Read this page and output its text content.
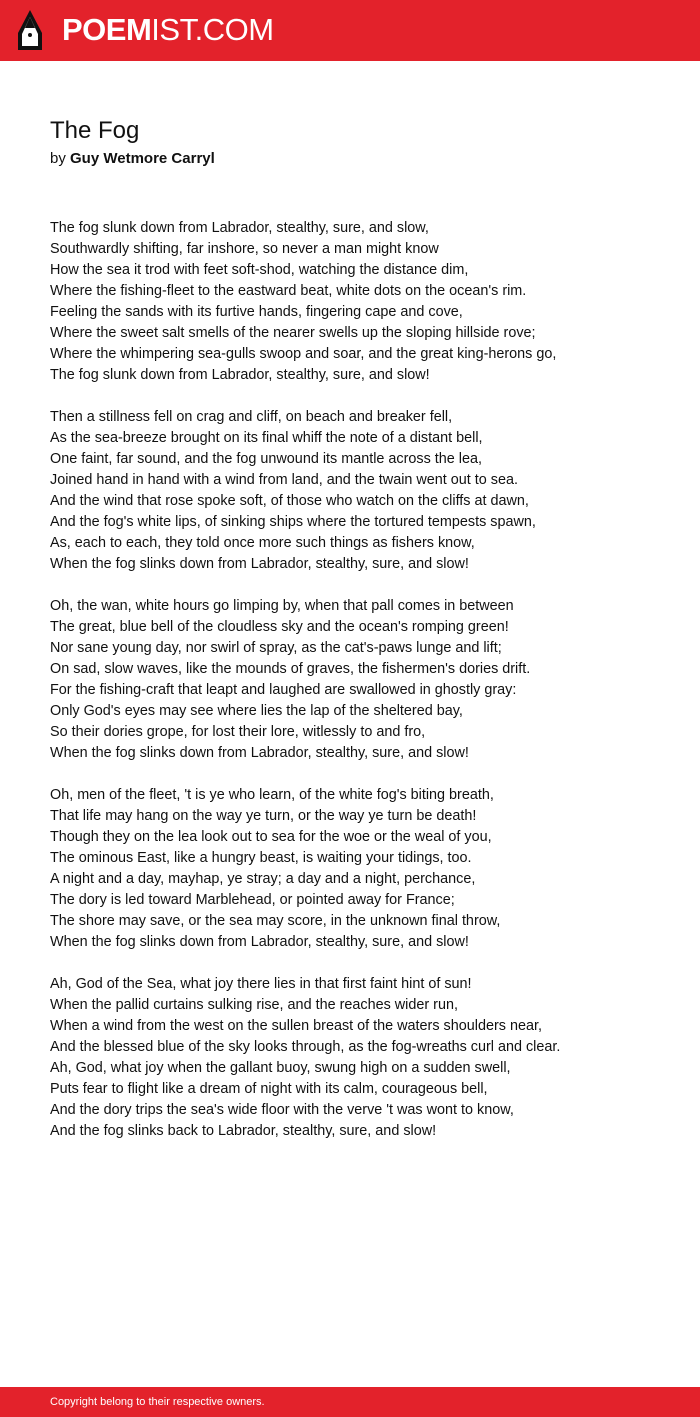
POEMIST.COM
The Fog
by Guy Wetmore Carryl

The fog slunk down from Labrador, stealthy, sure, and slow,
Southwardly shifting, far inshore, so never a man might know
How the sea it trod with feet soft-shod, watching the distance dim,
Where the fishing-fleet to the eastward beat, white dots on the ocean's rim.
Feeling the sands with its furtive hands, fingering cape and cove,
Where the sweet salt smells of the nearer swells up the sloping hillside rove;
Where the whimpering sea-gulls swoop and soar, and the great king-herons go,
The fog slunk down from Labrador, stealthy, sure, and slow!

Then a stillness fell on crag and cliff, on beach and breaker fell,
As the sea-breeze brought on its final whiff the note of a distant bell,
One faint, far sound, and the fog unwound its mantle across the lea,
Joined hand in hand with a wind from land, and the twain went out to sea.
And the wind that rose spoke soft, of those who watch on the cliffs at dawn,
And the fog's white lips, of sinking ships where the tortured tempests spawn,
As, each to each, they told once more such things as fishers know,
When the fog slinks down from Labrador, stealthy, sure, and slow!

Oh, the wan, white hours go limping by, when that pall comes in between
The great, blue bell of the cloudless sky and the ocean's romping green!
Nor sane young day, nor swirl of spray, as the cat's-paws lunge and lift;
On sad, slow waves, like the mounds of graves, the fishermen's dories drift.
For the fishing-craft that leapt and laughed are swallowed in ghostly gray:
Only God's eyes may see where lies the lap of the sheltered bay,
So their dories grope, for lost their lore, witlessly to and fro,
When the fog slinks down from Labrador, stealthy, sure, and slow!

Oh, men of the fleet, 't is ye who learn, of the white fog's biting breath,
That life may hang on the way ye turn, or the way ye turn be death!
Though they on the lea look out to sea for the woe or the weal of you,
The ominous East, like a hungry beast, is waiting your tidings, too.
A night and a day, mayhap, ye stray; a day and a night, perchance,
The dory is led toward Marblehead, or pointed away for France;
The shore may save, or the sea may score, in the unknown final throw,
When the fog slinks down from Labrador, stealthy, sure, and slow!

Ah, God of the Sea, what joy there lies in that first faint hint of sun!
When the pallid curtains sulking rise, and the reaches wider run,
When a wind from the west on the sullen breast of the waters shoulders near,
And the blessed blue of the sky looks through, as the fog-wreaths curl and clear.
Ah, God, what joy when the gallant buoy, swung high on a sudden swell,
Puts fear to flight like a dream of night with its calm, courageous bell,
And the dory trips the sea's wide floor with the verve 't was wont to know,
And the fog slinks back to Labrador, stealthy, sure, and slow!

Copyright belong to their respective owners.
